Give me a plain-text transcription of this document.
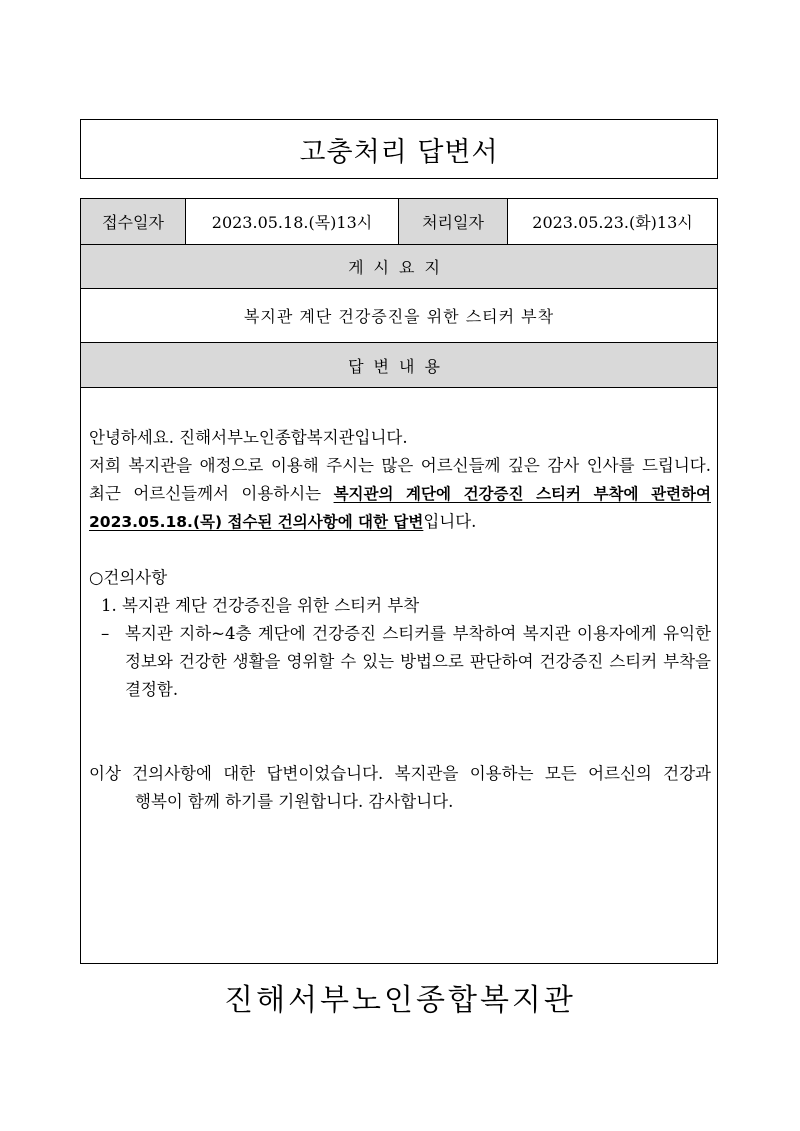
고충처리 답변서
접수일자	2023.05.18.(목)13시	처리일자	2023.05.23.(화)13시
게시요지
복지관 계단 건강증진을 위한 스티커 부착
답변내용

안녕하세요. 진해서부노인종합복지관입니다.

저희 복지관을 애정으로 이용해 주시는 많은 어르신들께 깊은 감사 인사를 드립니다. 최근 어르신들께서 이용하시는 복지관의 계단에 건강증진 스티커 부착에 관련하여 2023.05.18.(목) 접수된 건의사항에 대한 답변입니다.

○건의사항

1. 복지관 계단 건강증진을 위한 스티커 부착

– 복지관 지하~4층 계단에 건강증진 스티커를 부착하여 복지관 이용자에게 유익한 정보와 건강한 생활을 영위할 수 있는 방법으로 판단하여 건강증진 스티커 부착을 결정함.

이상 건의사항에 대한 답변이었습니다. 복지관을 이용하는 모든 어르신의 건강과 행복이 함께 하기를 기원합니다. 감사합니다.

진해서부노인종합복지관
